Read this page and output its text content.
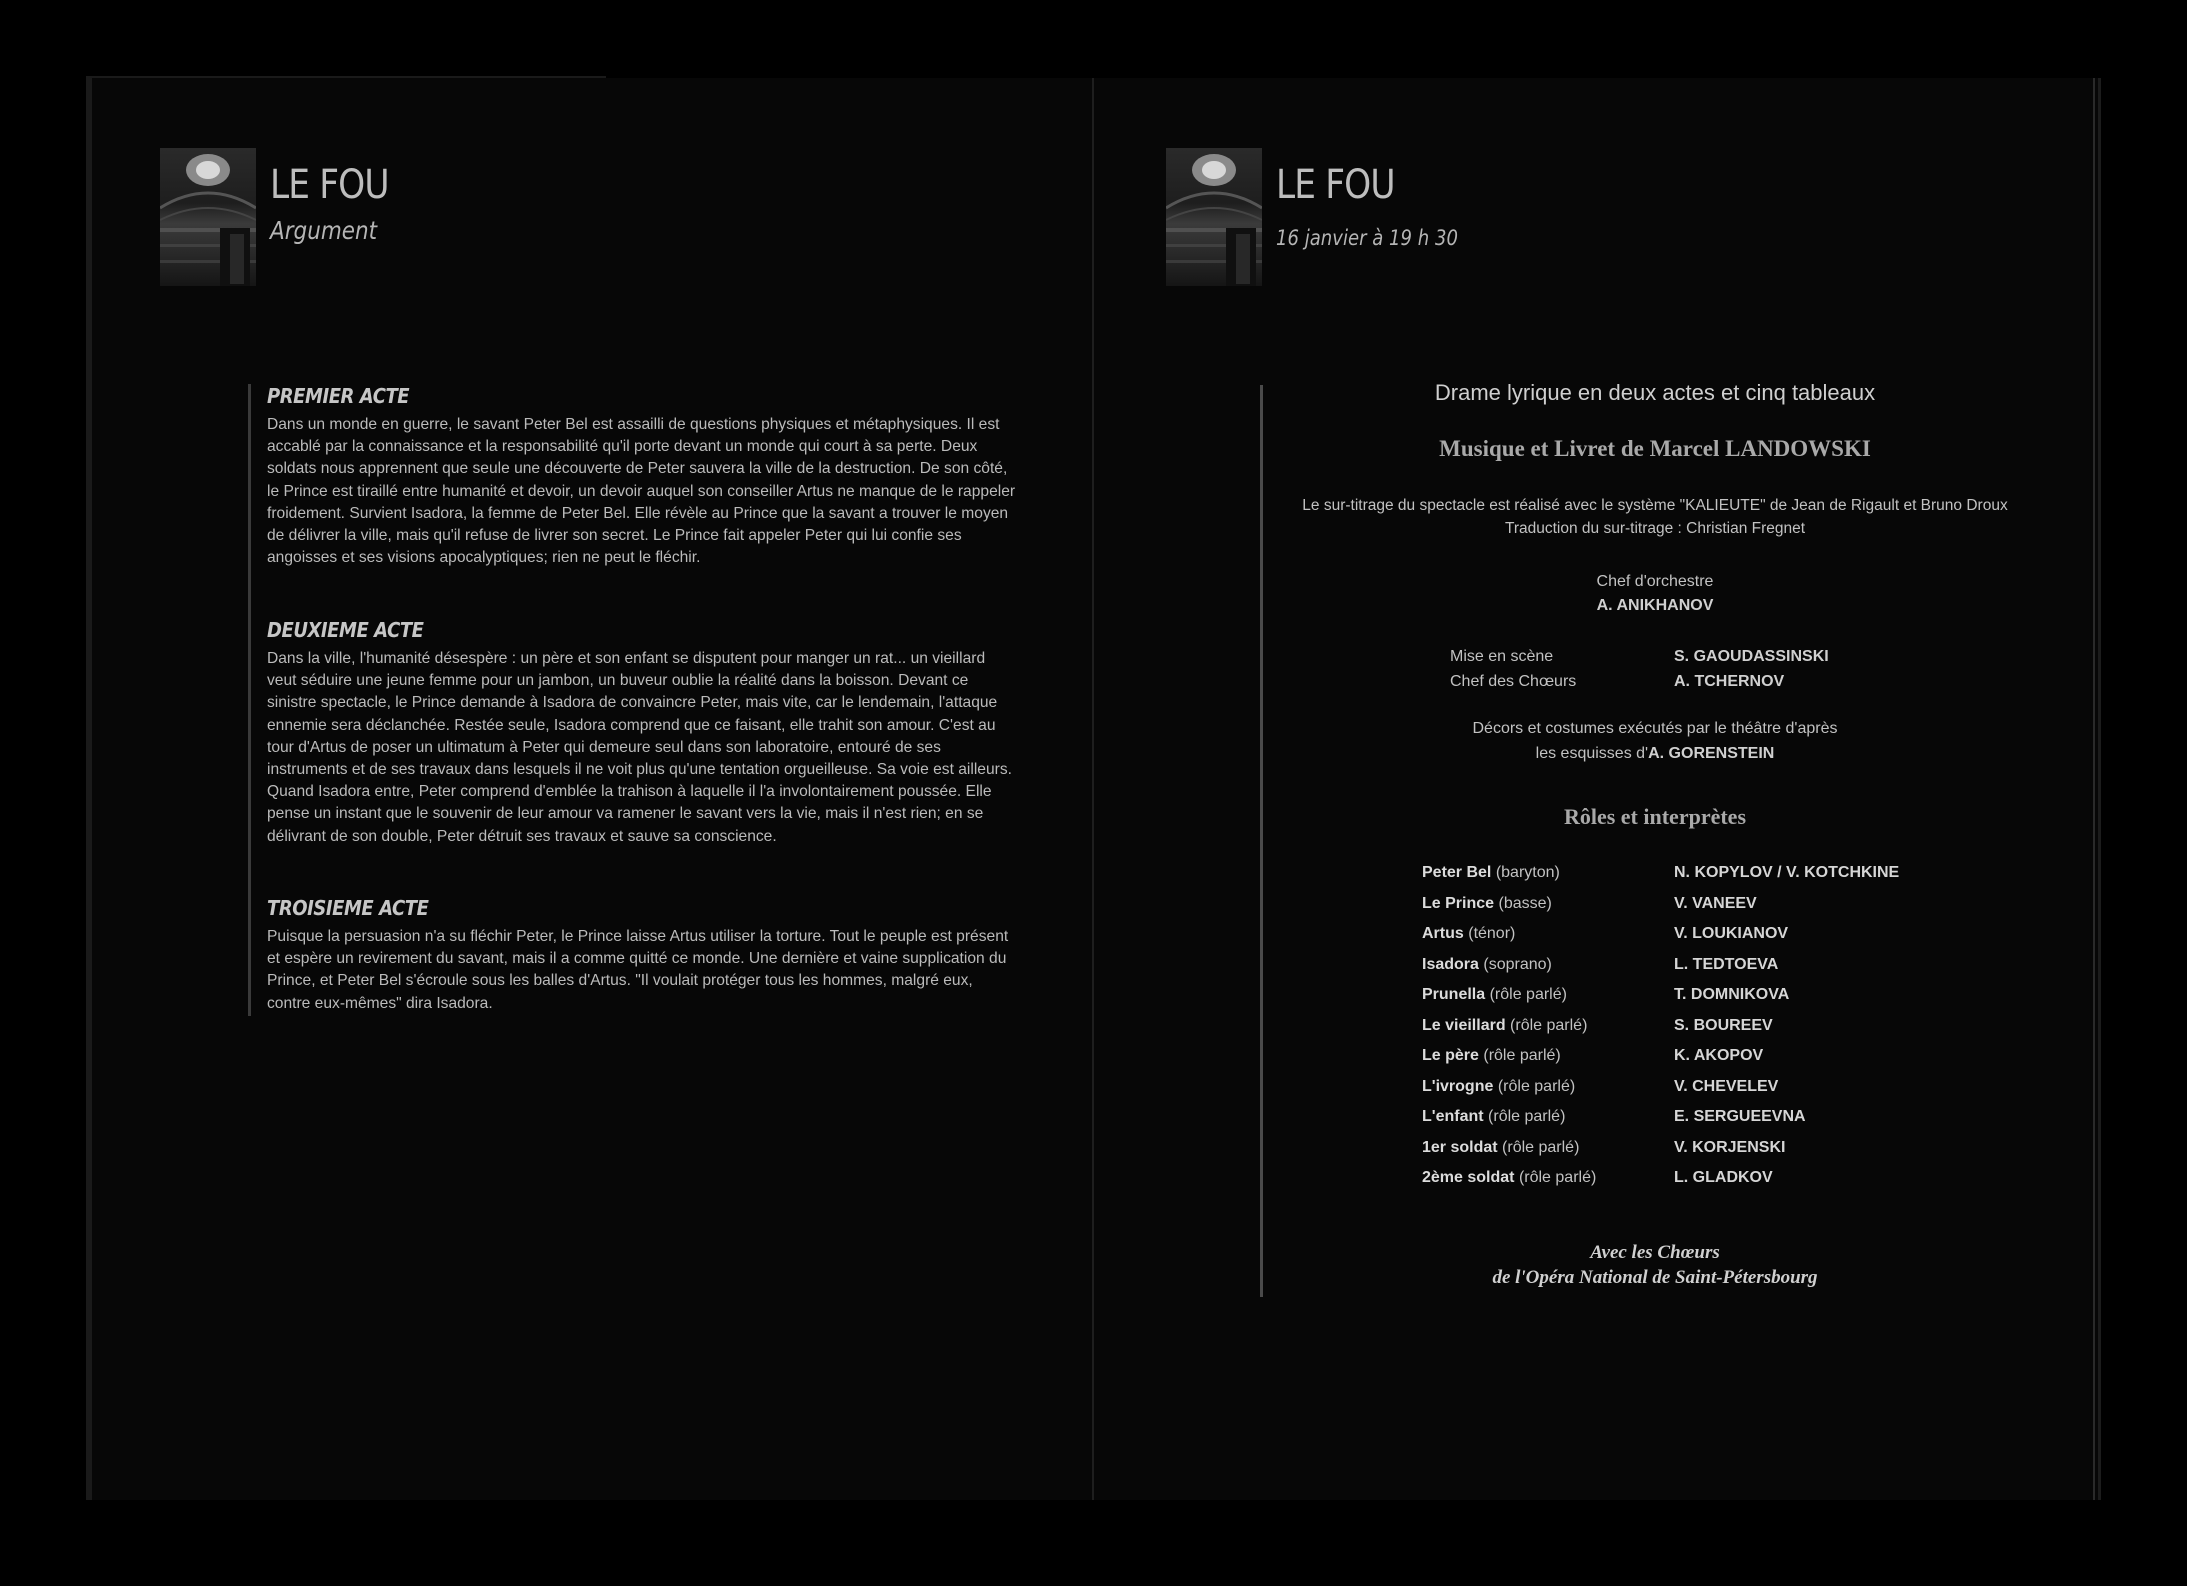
LE FOU
Argument
PREMIER ACTE

Dans un monde en guerre, le savant Peter Bel est assailli de questions physiques et métaphysiques. Il est accablé par la connaissance et la responsabilité qu'il porte devant un monde qui court à sa perte. Deux soldats nous apprennent que seule une découverte de Peter sauvera la ville de la destruction. De son côté, le Prince est tiraillé entre humanité et devoir, un devoir auquel son conseiller Artus ne manque de le rappeler froidement. Survient Isadora, la femme de Peter Bel. Elle révèle au Prince que la savant a trouver le moyen de délivrer la ville, mais qu'il refuse de livrer son secret. Le Prince fait appeler Peter qui lui confie ses angoisses et ses visions apocalyptiques; rien ne peut le fléchir.

DEUXIEME ACTE

Dans la ville, l'humanité désespère : un père et son enfant se disputent pour manger un rat... un vieillard veut séduire une jeune femme pour un jambon, un buveur oublie la réalité dans la boisson. Devant ce sinistre spectacle, le Prince demande à Isadora de convaincre Peter, mais vite, car le lendemain, l'attaque ennemie sera déclanchée. Restée seule, Isadora comprend que ce faisant, elle trahit son amour. C'est au tour d'Artus de poser un ultimatum à Peter qui demeure seul dans son laboratoire, entouré de ses instruments et de ses travaux dans lesquels il ne voit plus qu'une tentation orgueilleuse. Sa voie est ailleurs. Quand Isadora entre, Peter comprend d'emblée la trahison à laquelle il l'a involontairement poussée. Elle pense un instant que le souvenir de leur amour va ramener le savant vers la vie, mais il n'est rien; en se délivrant de son double, Peter détruit ses travaux et sauve sa conscience.

TROISIEME ACTE

Puisque la persuasion n'a su fléchir Peter, le Prince laisse Artus utiliser la torture. Tout le peuple est présent et espère un revirement du savant, mais il a comme quitté ce monde. Une dernière et vaine supplication du Prince, et Peter Bel s'écroule sous les balles d'Artus. "Il voulait protéger tous les hommes, malgré eux, contre eux-mêmes" dira Isadora.

LE FOU
16 janvier à 19 h 30
Drame lyrique en deux actes et cinq tableaux
Musique et Livret de Marcel LANDOWSKI
Le sur-titrage du spectacle est réalisé avec le système "KALIEUTE" de Jean de Rigault et Bruno Droux
Traduction du sur-titrage : Christian Fregnet
Chef d'orchestre
A. ANIKHANOV
Mise en scène	S. GAOUDASSINSKI
Chef des Chœurs	A. TCHERNOV
Décors et costumes exécutés par le théâtre d'après
les esquisses d'A. GORENSTEIN
Rôles et interprètes
Peter Bel (baryton)	N. KOPYLOV / V. KOTCHKINE
Le Prince (basse)	V. VANEEV
Artus (ténor)	V. LOUKIANOV
Isadora (soprano)	L. TEDTOEVA
Prunella (rôle parlé)	T. DOMNIKOVA
Le vieillard (rôle parlé)	S. BOUREEV
Le père (rôle parlé)	K. AKOPOV
L'ivrogne (rôle parlé)	V. CHEVELEV
L'enfant (rôle parlé)	E. SERGUEEVNA
1er soldat (rôle parlé)	V. KORJENSKI
2ème soldat (rôle parlé)	L. GLADKOV
Avec les Chœurs
de l'Opéra National de Saint-Pétersbourg
